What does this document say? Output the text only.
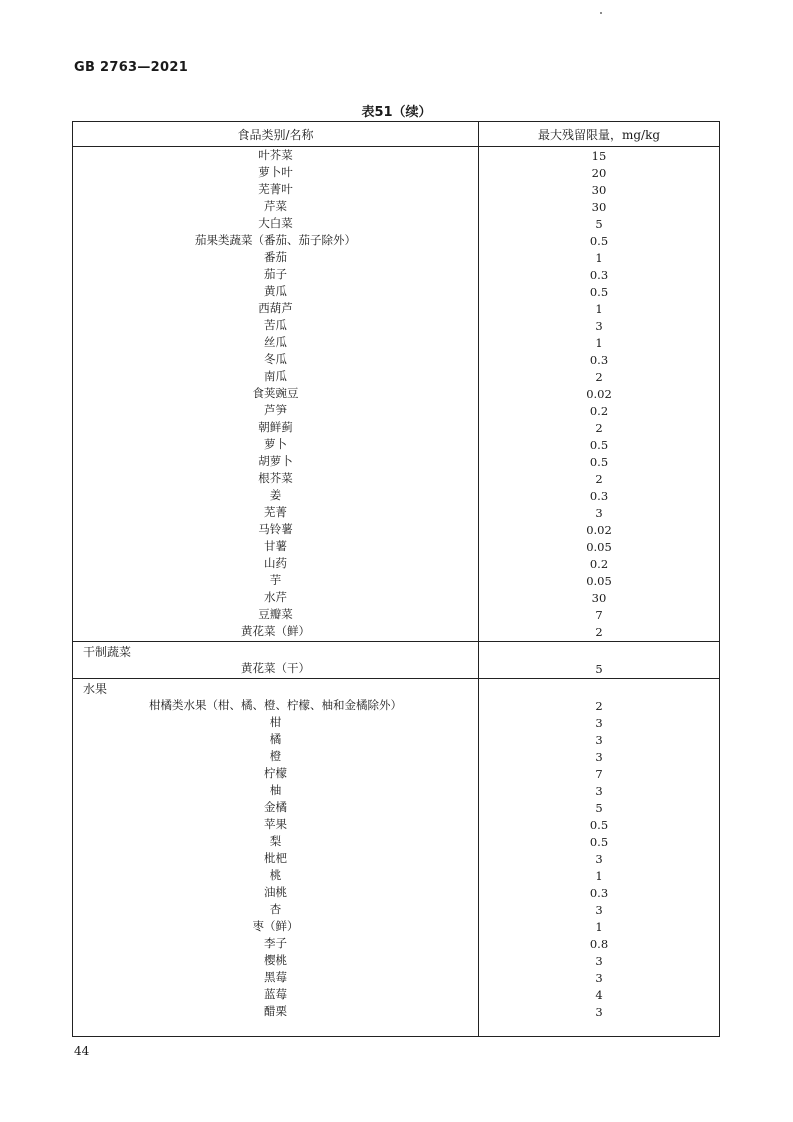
GB 2763—2021
表51（续）
食品类别/名称	最大残留限量，mg/kg
叶芥菜	15
萝卜叶	20
芜菁叶	30
芹菜	30
大白菜	5
茄果类蔬菜（番茄、茄子除外）	0.5
番茄	1
茄子	0.3
黄瓜	0.5
西葫芦	1
苦瓜	3
丝瓜	1
冬瓜	0.3
南瓜	2
食荚豌豆	0.02
芦笋	0.2
朝鲜蓟	2
萝卜	0.5
胡萝卜	0.5
根芥菜	2
姜	0.3
芜菁	3
马铃薯	0.02
甘薯	0.05
山药	0.2
芋	0.05
水芹	30
豆瓣菜	7
黄花菜（鲜）	2
干制蔬菜
黄花菜（干）	5
水果
柑橘类水果（柑、橘、橙、柠檬、柚和金橘除外）	2
柑	3
橘	3
橙	3
柠檬	7
柚	3
金橘	5
苹果	0.5
梨	0.5
枇杷	3
桃	1
油桃	0.3
杏	3
枣（鲜）	1
李子	0.8
樱桃	3
黑莓	3
蓝莓	4
醋栗	3
44
